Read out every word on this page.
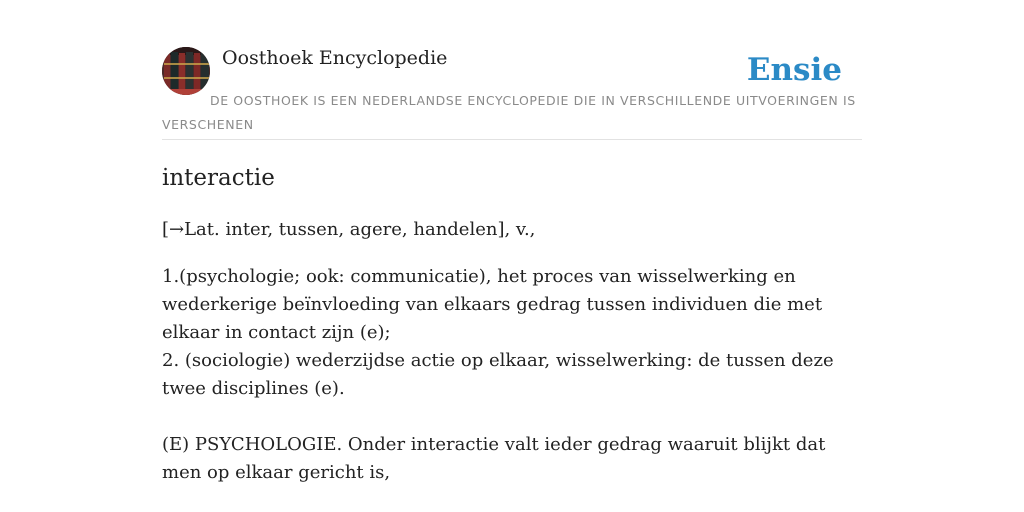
Oosthoek Encyclopedie	Ensie
DE OOSTHOEK IS EEN NEDERLANDSE ENCYCLOPEDIE DIE IN VERSCHILLENDE UITVOERINGEN IS VERSCHENEN
interactie

[→Lat. inter, tussen, agere, handelen], v.,

1.(psychologie; ook: communicatie), het proces van wisselwerking en wederkerige beïnvloeding van elkaars gedrag tussen individuen die met elkaar in contact zijn (e);

2. (sociologie) wederzijdse actie op elkaar, wisselwerking: de tussen deze twee disciplines (e).

(E) PSYCHOLOGIE. Onder interactie valt ieder gedrag waaruit blijkt dat men op elkaar gericht is,
